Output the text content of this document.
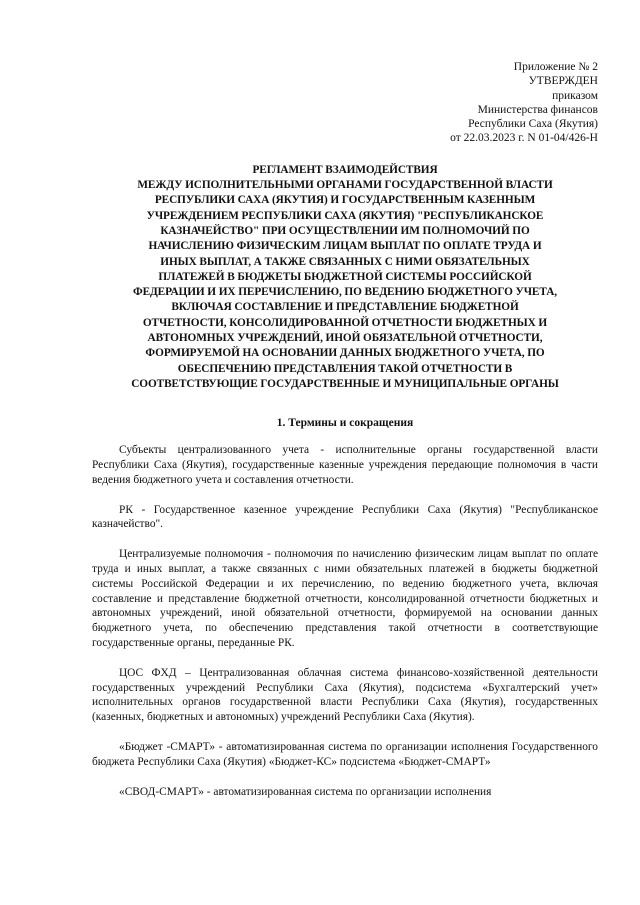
Приложение № 2
УТВЕРЖДЕН
приказом
Министерства финансов
Республики Саха (Якутия)
от 22.03.2023 г. N 01-04/426-Н
РЕГЛАМЕНТ ВЗАИМОДЕЙСТВИЯ
МЕЖДУ ИСПОЛНИТЕЛЬНЫМИ ОРГАНАМИ ГОСУДАРСТВЕННОЙ ВЛАСТИ
РЕСПУБЛИКИ САХА (ЯКУТИЯ) И ГОСУДАРСТВЕННЫМ КАЗЕННЫМ
УЧРЕЖДЕНИЕМ РЕСПУБЛИКИ САХА (ЯКУТИЯ) "РЕСПУБЛИКАНСКОЕ
КАЗНАЧЕЙСТВО" ПРИ ОСУЩЕСТВЛЕНИИ ИМ ПОЛНОМОЧИЙ ПО
НАЧИСЛЕНИЮ ФИЗИЧЕСКИМ ЛИЦАМ ВЫПЛАТ ПО ОПЛАТЕ ТРУДА И
ИНЫХ ВЫПЛАТ, А ТАКЖЕ СВЯЗАННЫХ С НИМИ ОБЯЗАТЕЛЬНЫХ
ПЛАТЕЖЕЙ В БЮДЖЕТЫ БЮДЖЕТНОЙ СИСТЕМЫ РОССИЙСКОЙ
ФЕДЕРАЦИИ И ИХ ПЕРЕЧИСЛЕНИЮ, ПО ВЕДЕНИЮ БЮДЖЕТНОГО УЧЕТА,
ВКЛЮЧАЯ СОСТАВЛЕНИЕ И ПРЕДСТАВЛЕНИЕ БЮДЖЕТНОЙ
ОТЧЕТНОСТИ, КОНСОЛИДИРОВАННОЙ ОТЧЕТНОСТИ БЮДЖЕТНЫХ И
АВТОНОМНЫХ УЧРЕЖДЕНИЙ, ИНОЙ ОБЯЗАТЕЛЬНОЙ ОТЧЕТНОСТИ,
ФОРМИРУЕМОЙ НА ОСНОВАНИИ ДАННЫХ БЮДЖЕТНОГО УЧЕТА, ПО
ОБЕСПЕЧЕНИЮ ПРЕДСТАВЛЕНИЯ ТАКОЙ ОТЧЕТНОСТИ В
СООТВЕТСТВУЮЩИЕ ГОСУДАРСТВЕННЫЕ И МУНИЦИПАЛЬНЫЕ ОРГАНЫ
1. Термины и сокращения

Субъекты централизованного учета - исполнительные органы государственной власти Республики Саха (Якутия), государственные казенные учреждения передающие полномочия в части ведения бюджетного учета и составления отчетности.

РК - Государственное казенное учреждение Республики Саха (Якутия) "Республиканское казначейство".

Централизуемые полномочия - полномочия по начислению физическим лицам выплат по оплате труда и иных выплат, а также связанных с ними обязательных платежей в бюджеты бюджетной системы Российской Федерации и их перечислению, по ведению бюджетного учета, включая составление и представление бюджетной отчетности, консолидированной отчетности бюджетных и автономных учреждений, иной обязательной отчетности, формируемой на основании данных бюджетного учета, по обеспечению представления такой отчетности в соответствующие государственные органы, переданные РК.

ЦОС ФХД – Централизованная облачная система финансово-хозяйственной деятельности государственных учреждений Республики Саха (Якутия), подсистема «Бухгалтерский учет» исполнительных органов государственной власти Республики Саха (Якутия), государственных (казенных, бюджетных и автономных) учреждений Республики Саха (Якутия).

«Бюджет -СМАРТ» - автоматизированная система по организации исполнения Государственного бюджета Республики Саха (Якутия) «Бюджет-КС» подсистема «Бюджет-СМАРТ»

«СВОД-СМАРТ» - автоматизированная система по организации исполнения
